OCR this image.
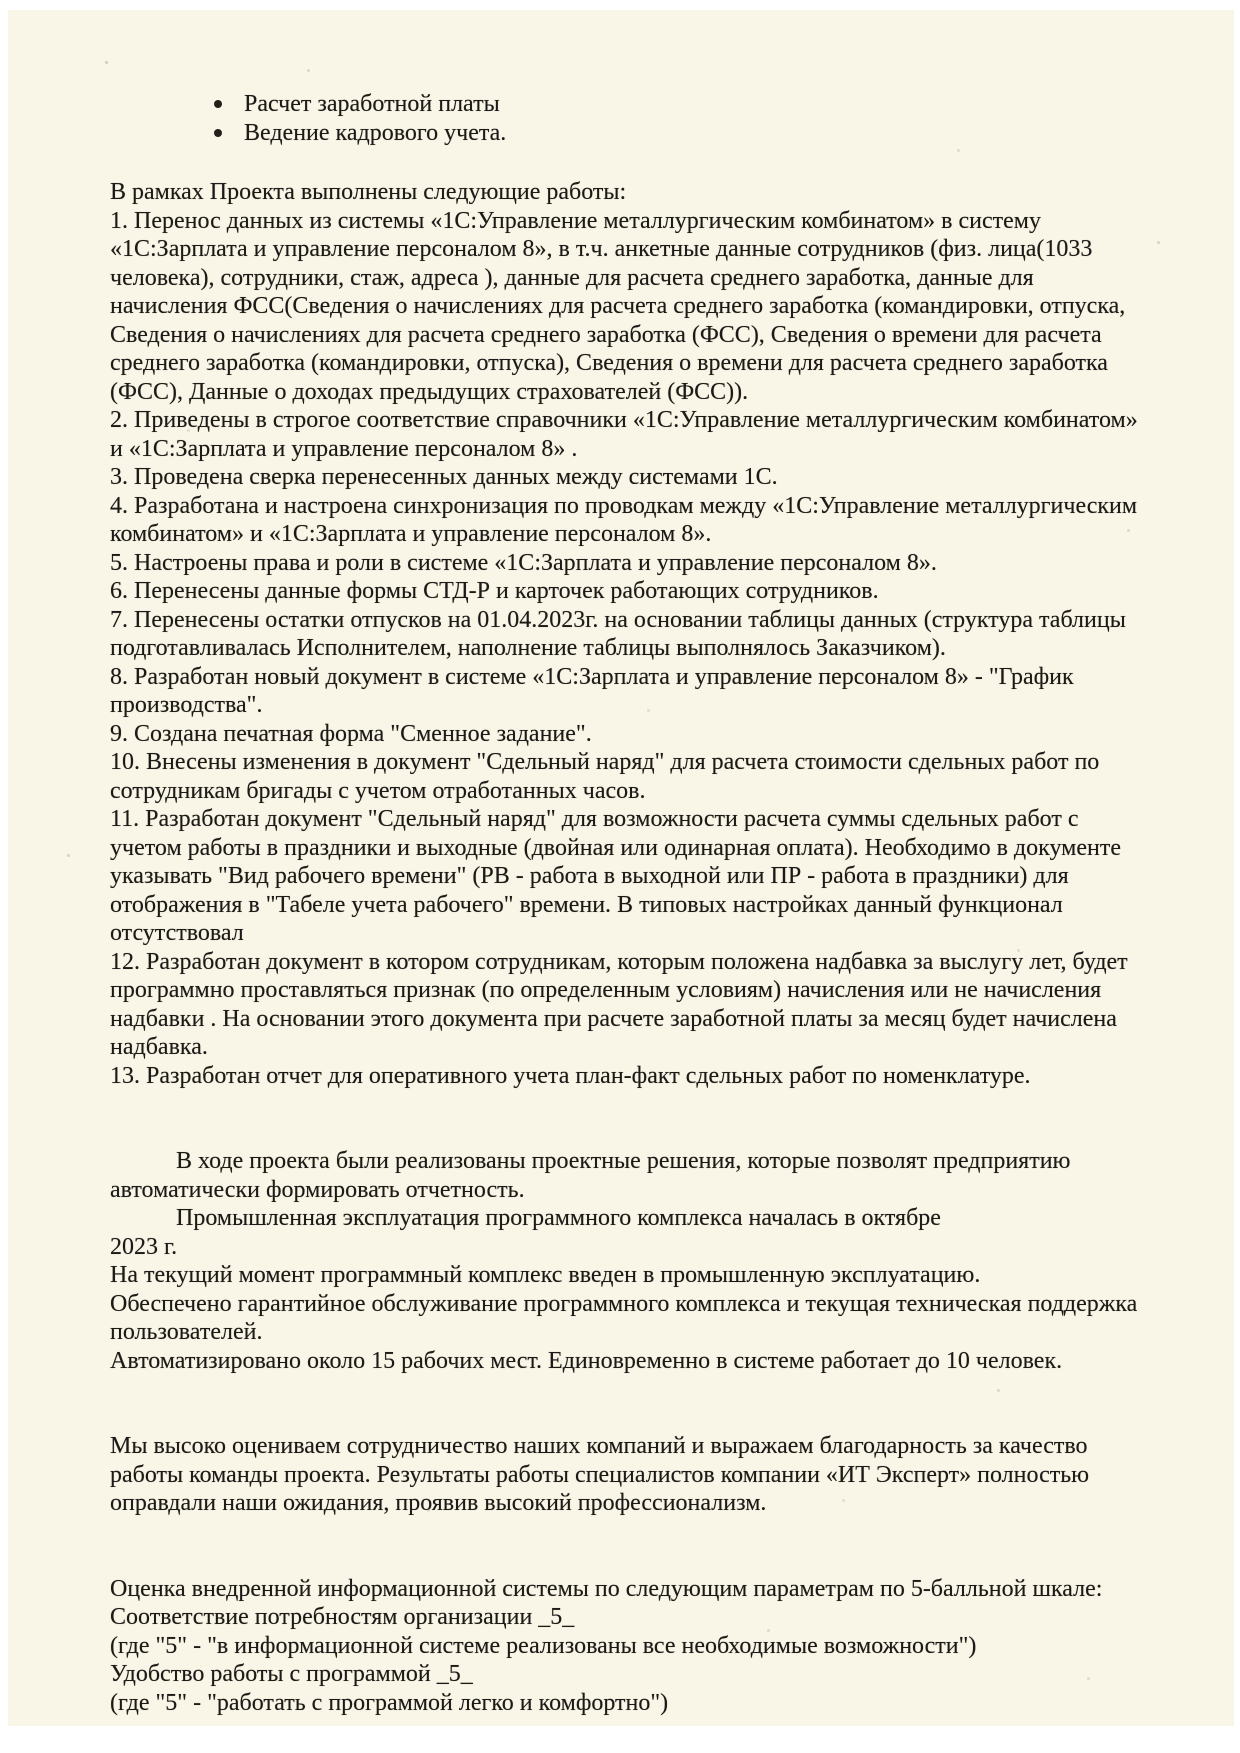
Расчет заработной платы
Ведение кадрового учета.

В рамках Проекта выполнены следующие работы:

1. Перенос данных из системы «1С:Управление металлургическим комбинатом» в систему «1С:Зарплата и управление персоналом 8», в т.ч. анкетные данные сотрудников (физ. лица(1033 человека), сотрудники, стаж, адреса ), данные для расчета среднего заработка, данные для начисления ФСС(Сведения о начислениях для расчета среднего заработка (командировки, отпуска, Сведения о начислениях для расчета среднего заработка (ФСС), Сведения о времени для расчета среднего заработка (командировки, отпуска), Сведения о времени для расчета среднего заработка (ФСС), Данные о доходах предыдущих страхователей (ФСС)).

2. Приведены в строгое соответствие справочники «1С:Управление металлургическим комбинатом» и «1С:Зарплата и управление персоналом 8» .

3. Проведена сверка перенесенных данных между системами 1С.

4. Разработана и настроена синхронизация по проводкам между «1С:Управление металлургическим комбинатом» и «1С:Зарплата и управление персоналом 8».

5. Настроены права и роли в системе «1С:Зарплата и управление персоналом 8».

6. Перенесены данные формы СТД-Р и карточек работающих сотрудников.

7. Перенесены остатки отпусков на 01.04.2023г. на основании таблицы данных (структура таблицы подготавливалась Исполнителем, наполнение таблицы выполнялось Заказчиком).

8. Разработан новый документ в системе «1С:Зарплата и управление персоналом 8» - "График производства".

9. Создана печатная форма "Сменное задание".

10. Внесены изменения в документ "Сдельный наряд" для расчета стоимости сдельных работ по сотрудникам бригады с учетом отработанных часов.

11. Разработан документ "Сдельный наряд" для возможности расчета суммы сдельных работ с учетом работы в праздники и выходные (двойная или одинарная оплата). Необходимо в документе указывать "Вид рабочего времени" (РВ - работа в выходной или ПР - работа в праздники) для отображения в "Табеле учета рабочего" времени. В типовых настройках данный функционал отсутствовал

12. Разработан документ в котором сотрудникам, которым положена надбавка за выслугу лет, будет программно проставляться признак (по определенным условиям) начисления или не начисления надбавки . На основании этого документа при расчете заработной платы за месяц будет начислена надбавка.

13. Разработан отчет для оперативного учета план-факт сдельных работ по номенклатуре.

В ходе проекта были реализованы проектные решения, которые позволят предприятию автоматически формировать отчетность.

Промышленная эксплуатация программного комплекса началась в октябре

2023 г.

На текущий момент программный комплекс введен в промышленную эксплуатацию.

Обеспечено гарантийное обслуживание программного комплекса и текущая техническая поддержка пользователей.

Автоматизировано около 15 рабочих мест. Единовременно в системе работает до 10 человек.

Мы высоко оцениваем сотрудничество наших компаний и выражаем благодарность за качество работы команды проекта. Результаты работы специалистов компании «ИТ Эксперт» полностью оправдали наши ожидания, проявив высокий профессионализм.

Оценка внедренной информационной системы по следующим параметрам по 5-балльной шкале:

Соответствие потребностям организации _5_

(где "5" - "в информационной системе реализованы все необходимые возможности")

Удобство работы с программой _5_

(где "5" - "работать с программой легко и комфортно")
